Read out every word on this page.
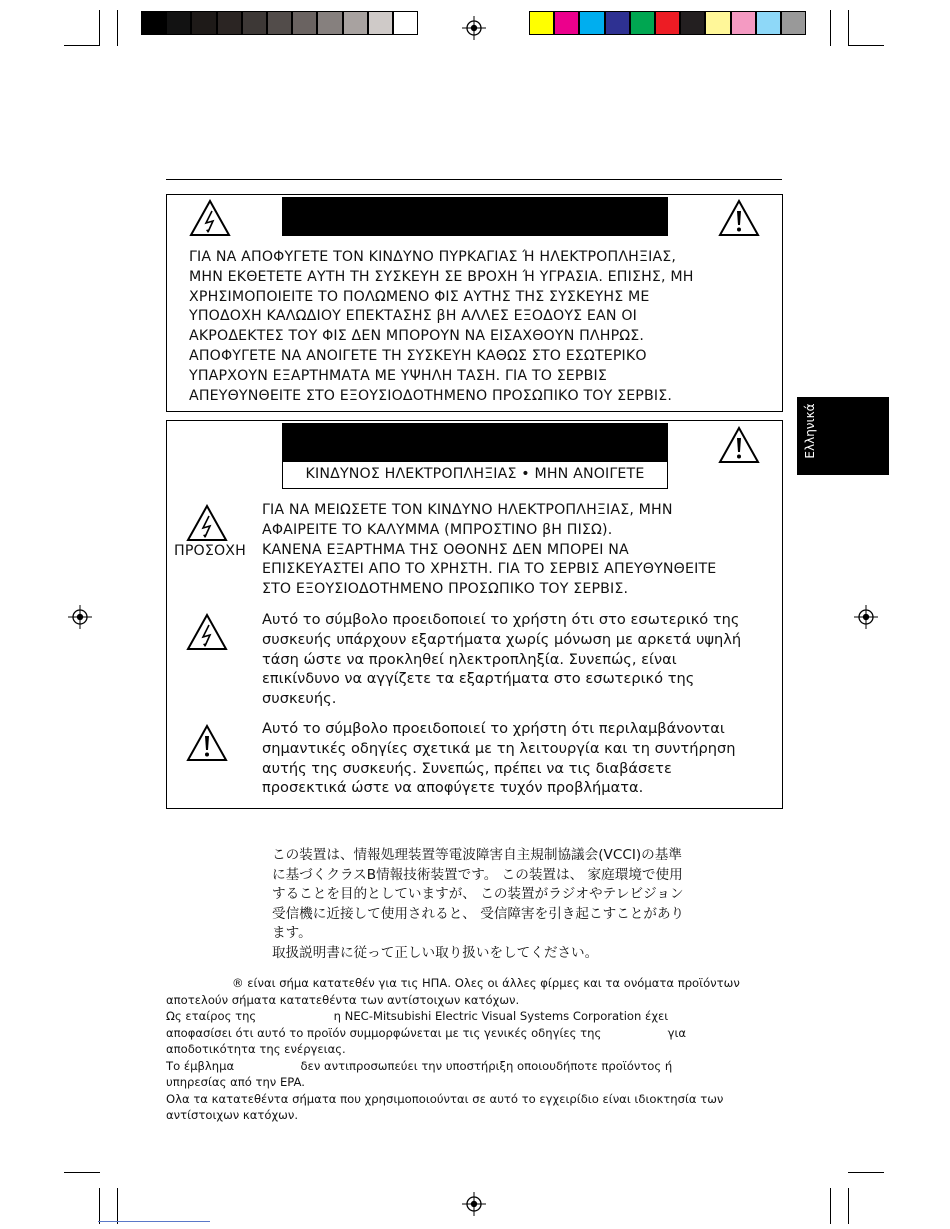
Ελληνικά
ΓΙΑ ΝΑ ΑΠΟΦΥΓΕΤΕ ΤΟΝ ΚΙΝΔΥΝΟ ΠΥΡΚΑΓΙΑΣ Ή ΗΛΕΚΤΡΟΠΛΗΞΙΑΣ,
ΜΗΝ ΕΚΘΕΤΕΤΕ ΑΥΤΗ ΤΗ ΣΥΣΚΕΥΗ ΣΕ ΒΡΟΧΗ Ή ΥΓΡΑΣΙΑ. ΕΠΙΣΗΣ, ΜΗ
ΧΡΗΣΙΜΟΠΟΙΕΙΤΕ ΤΟ ΠΟΛΩΜΕΝΟ ΦΙΣ ΑΥΤΗΣ ΤΗΣ ΣΥΣΚΕΥΗΣ ΜΕ
ΥΠΟΔΟΧΗ ΚΑΛΩΔΙΟΥ ΕΠΕΚΤΑΣΗΣ βΗ ΑΛΛΕΣ ΕΞΟΔΟΥΣ ΕΑΝ ΟΙ
ΑΚΡΟΔΕΚΤΕΣ ΤΟΥ ΦΙΣ ΔΕΝ ΜΠΟΡΟΥΝ ΝΑ ΕΙΣΑΧΘΟΥΝ ΠΛΗΡΩΣ.
ΑΠΟΦΥΓΕΤΕ ΝΑ ΑΝΟΙΓΕΤΕ ΤΗ ΣΥΣΚΕΥΗ ΚΑΘΩΣ ΣΤΟ ΕΣΩΤΕΡΙΚΟ
ΥΠΑΡΧΟΥΝ ΕΞΑΡΤΗΜΑΤΑ ΜΕ ΥΨΗΛΗ ΤΑΣΗ. ΓΙΑ ΤΟ ΣΕΡΒΙΣ
ΑΠΕΥΘΥΝΘΕΙΤΕ ΣΤΟ ΕΞΟΥΣΙΟΔΟΤΗΜΕΝΟ ΠΡΟΣΩΠΙΚΟ ΤΟΥ ΣΕΡΒΙΣ.
ΚΙΝΔΥΝΟΣ ΗΛΕΚΤΡΟΠΛΗΞΙΑΣ • ΜΗΝ ΑΝΟΙΓΕΤΕ
ΠΡΟΣΟΧΗ
ΓΙΑ ΝΑ ΜΕΙΩΣΕΤΕ ΤΟΝ ΚΙΝΔΥΝΟ ΗΛΕΚΤΡΟΠΛΗΞΙΑΣ, ΜΗΝ
ΑΦΑΙΡΕΙΤΕ ΤΟ ΚΑΛΥΜΜΑ (ΜΠΡΟΣΤΙΝΟ βΗ ΠΙΣΩ).
ΚΑΝΕΝΑ ΕΞΑΡΤΗΜΑ ΤΗΣ ΟΘΟΝΗΣ ΔΕΝ ΜΠΟΡΕΙ ΝΑ
ΕΠΙΣΚΕΥΑΣΤΕΙ ΑΠΟ ΤΟ ΧΡΗΣΤΗ. ΓΙΑ ΤΟ ΣΕΡΒΙΣ ΑΠΕΥΘΥΝΘΕΙΤΕ
ΣΤΟ ΕΞΟΥΣΙΟΔΟΤΗΜΕΝΟ ΠΡΟΣΩΠΙΚΟ ΤΟΥ ΣΕΡΒΙΣ.
Αυτό το σύμβολο προειδοποιεί το χρήστη ότι στο εσωτερικό της
συσκευής υπάρχουν εξαρτήματα χωρίς μόνωση με αρκετά υψηλή
τάση ώστε να προκληθεί ηλεκτροπληξία. Συνεπώς, είναι
επικίνδυνο να αγγίζετε τα εξαρτήματα στο εσωτερικό της
συσκευής.
Αυτό το σύμβολο προειδοποιεί το χρήστη ότι περιλαμβάνονται
σημαντικές οδηγίες σχετικά με τη λειτουργία και τη συντήρηση
αυτής της συσκευής. Συνεπώς, πρέπει να τις διαβάσετε
προσεκτικά ώστε να αποφύγετε τυχόν προβλήματα.
この装置は、情報処理装置等電波障害自主規制協議会(VCCI)の基準
に基づくクラスB情報技術装置です。 この装置は、 家庭環境で使用
することを目的としていますが、 この装置がラジオやテレビジョン
受信機に近接して使用されると、 受信障害を引き起こすことがあり
ます。
取扱説明書に従って正しい取り扱いをしてください。
® είναι σήμα κατατεθέν για τις ΗΠΑ. Ολες οι άλλες φίρμες και τα ονόματα προϊόντων
αποτελούν σήματα κατατεθέντα των αντίστοιχων κατόχων.
Ως εταίρος της                     η NEC-Mitsubishi Electric Visual Systems Corporation έχει
αποφασίσει ότι αυτό το προϊόν συμμορφώνεται με τις γενικές οδηγίες της                  για
αποδοτικότητα της ενέργειας.
Το έμβλημα                  δεν αντιπροσωπεύει την υποστήριξη οποιουδήποτε προϊόντος ή
υπηρεσίας από την EPA.
Ολα τα κατατεθέντα σήματα που χρησιμοποιούνται σε αυτό το εγχειρίδιο είναι ιδιοκτησία των
αντίστοιχων κατόχων.
